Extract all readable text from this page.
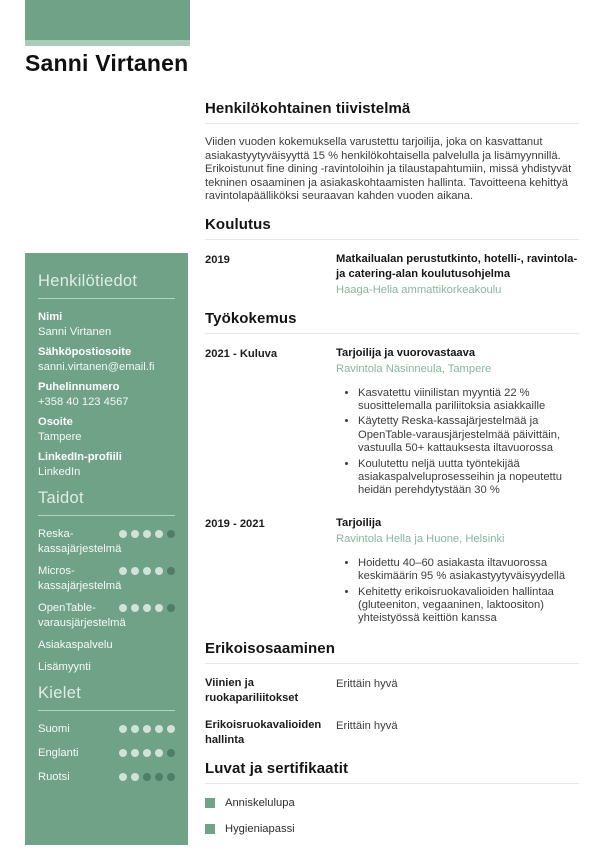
Sanni Virtanen
Henkilötiedot
Nimi
Sanni Virtanen
Sähköpostiosoite
sanni.virtanen@email.fi
Puhelinnumero
+358 40 123 4567
Osoite
Tampere
LinkedIn-profiili
LinkedIn
Taidot
Reska-kassajärjestelmä
Micros-kassajärjestelmä
OpenTable-varausjärjestelmä
Asiakaspalvelu
Lisämyynti
Kielet
Suomi
Englanti
Ruotsi
Henkilökohtainen tiivistelmä

Viiden vuoden kokemuksella varustettu tarjoilija, joka on kasvattanut asiakastyytyväisyyttä 15 % henkilökohtaisella palvelulla ja lisämyynnillä. Erikoistunut fine dining -ravintoloihin ja tilaustapahtumiin, missä yhdistyvät tekninen osaaminen ja asiakaskohtaamisten hallinta. Tavoitteena kehittyä ravintolapäälliköksi seuraavan kahden vuoden aikana.

Koulutus
2019	Matkailualan perustutkinto, hotelli-, ravintola- ja catering-alan koulutusohjelma
Haaga-Helia ammattikorkeakoulu
Työkokemus
2021 - Kuluva	Tarjoilija ja vuorovastaava
Ravintola Näsinneula, Tampere
• Kasvatettu viinilistan myyntiä 22 % suosittelemalla pariliitoksia asiakkaille
• Käytetty Reska-kassajärjestelmää ja OpenTable-varausjärjestelmää päivittäin, vastuulla 50+ kattauksesta iltavuorossa
• Koulutettu neljä uutta työntekijää asiakaspalveluprosesseihin ja nopeutettu heidän perehdytystään 30 %
2019 - 2021	Tarjoilija
Ravintola Hella ja Huone, Helsinki
• Hoidettu 40–60 asiakasta iltavuorossa keskimäärin 95 % asiakastyytyväisyydellä
• Kehitetty erikoisruokavalioiden hallintaa (gluteeniton, vegaaninen, laktoositon) yhteistyössä keittiön kanssa
Erikoisosaaminen
Viinien ja ruokapariliitokset
Erittäin hyvä
Erikoisruokavalioiden hallinta
Erittäin hyvä
Luvat ja sertifikaatit
Anniskelulupa
Hygieniapassi
